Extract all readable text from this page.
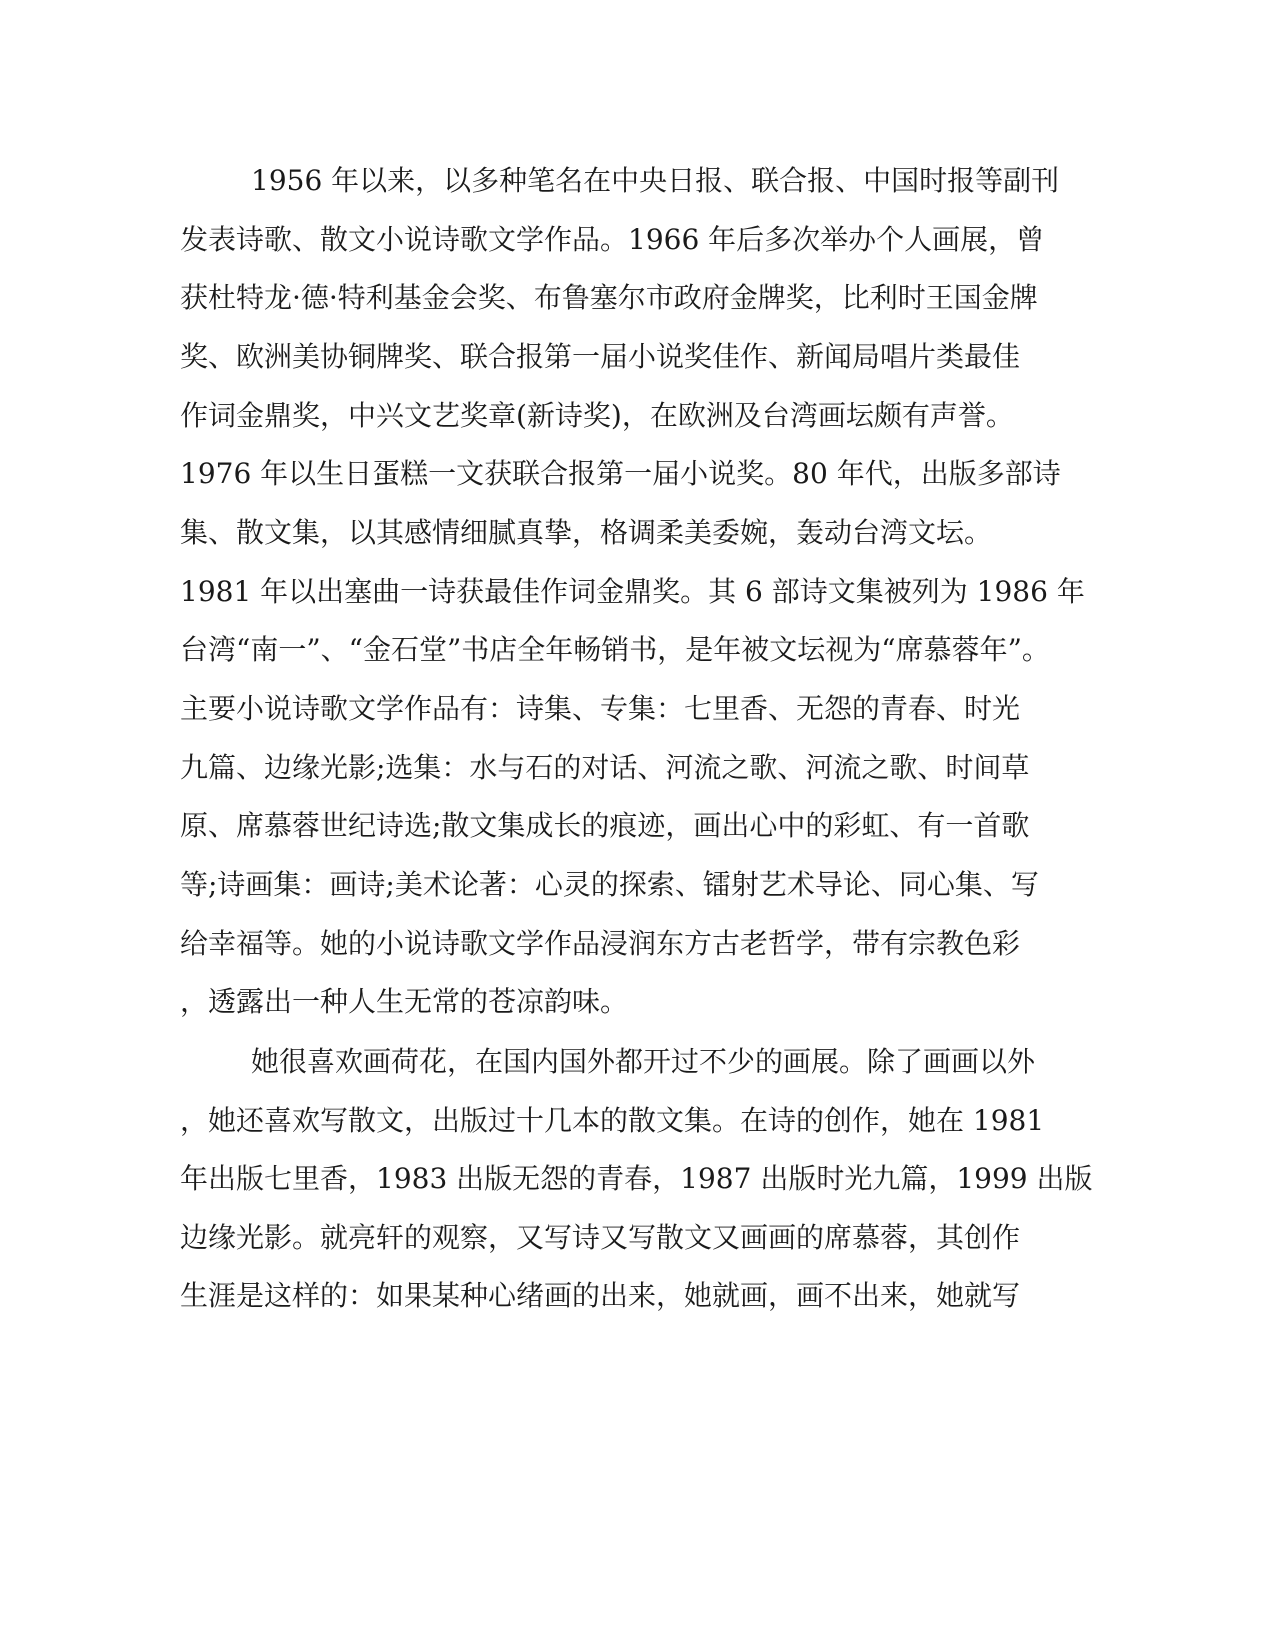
1956 年以来，以多种笔名在中央日报、联合报、中国时报等副刊
发表诗歌、散文小说诗歌文学作品。1966 年后多次举办个人画展，曾
获杜特龙·德·特利基金会奖、布鲁塞尔市政府金牌奖，比利时王国金牌
奖、欧洲美协铜牌奖、联合报第一届小说奖佳作、新闻局唱片类最佳
作词金鼎奖，中兴文艺奖章(新诗奖)，在欧洲及台湾画坛颇有声誉。
1976 年以生日蛋糕一文获联合报第一届小说奖。80 年代，出版多部诗
集、散文集，以其感情细腻真挚，格调柔美委婉，轰动台湾文坛。
1981 年以出塞曲一诗获最佳作词金鼎奖。其 6 部诗文集被列为 1986 年
台湾“南一”、“金石堂”书店全年畅销书，是年被文坛视为“席慕蓉年”。
主要小说诗歌文学作品有：诗集、专集：七里香、无怨的青春、时光
九篇、边缘光影;选集：水与石的对话、河流之歌、河流之歌、时间草
原、席慕蓉世纪诗选;散文集成长的痕迹，画出心中的彩虹、有一首歌
等;诗画集：画诗;美术论著：心灵的探索、镭射艺术导论、同心集、写
给幸福等。她的小说诗歌文学作品浸润东方古老哲学，带有宗教色彩
，透露出一种人生无常的苍凉韵味。
她很喜欢画荷花，在国内国外都开过不少的画展。除了画画以外
，她还喜欢写散文，出版过十几本的散文集。在诗的创作，她在 1981
年出版七里香，1983 出版无怨的青春，1987 出版时光九篇，1999 出版
边缘光影。就亮轩的观察，又写诗又写散文又画画的席慕蓉，其创作
生涯是这样的：如果某种心绪画的出来，她就画，画不出来，她就写
